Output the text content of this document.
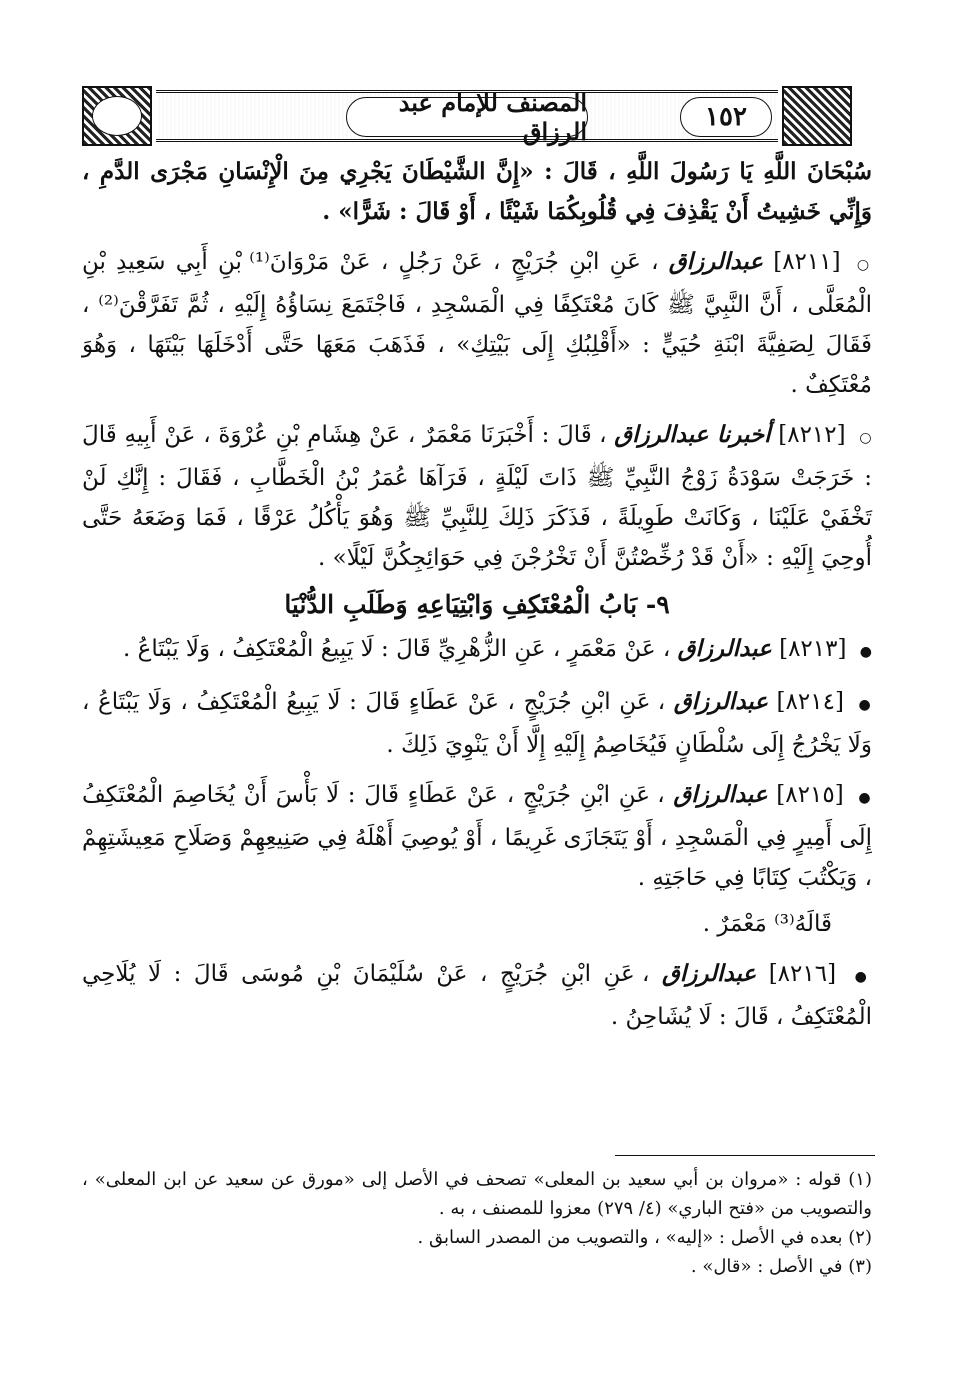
المصنف للإمام عبد الرزاق	١٥٢

سُبْحَانَ اللَّهِ يَا رَسُولَ اللَّهِ ، قَالَ : «إِنَّ الشَّيْطَانَ يَجْرِي مِنَ الْإِنْسَانِ مَجْرَى الدَّمِ ، وَإِنِّي خَشِيتُ أَنْ يَقْذِفَ فِي قُلُوبِكُمَا شَيْئًا ، أَوْ قَالَ : شَرًّا» .

○ [٨٢١١] عبدالرزاق ، عَنِ ابْنِ جُرَيْجٍ ، عَنْ رَجُلٍ ، عَنْ مَرْوَانَ⁽¹⁾ بْنِ أَبِي سَعِيدِ بْنِ الْمُعَلَّى ، أَنَّ النَّبِيَّ ﷺ كَانَ مُعْتَكِفًا فِي الْمَسْجِدِ ، فَاجْتَمَعَ نِسَاؤُهُ إِلَيْهِ ، ثُمَّ تَفَرَّقْنَ⁽²⁾ ، فَقَالَ لِصَفِيَّةَ ابْنَةِ حُيَيٍّ : «أَقْلِبُكِ إِلَى بَيْتِكِ» ، فَذَهَبَ مَعَهَا حَتَّى أَدْخَلَهَا بَيْتَهَا ، وَهُوَ مُعْتَكِفٌ .

○ [٨٢١٢] أخبرنا عبدالرزاق ، قَالَ : أَخْبَرَنَا مَعْمَرٌ ، عَنْ هِشَامِ بْنِ عُرْوَةَ ، عَنْ أَبِيهِ قَالَ : خَرَجَتْ سَوْدَةُ زَوْجُ النَّبِيِّ ﷺ ذَاتَ لَيْلَةٍ ، فَرَآهَا عُمَرُ بْنُ الْخَطَّابِ ، فَقَالَ : إِنَّكِ لَنْ تَخْفَيْ عَلَيْنَا ، وَكَانَتْ طَوِيلَةً ، فَذَكَرَ ذَلِكَ لِلنَّبِيِّ ﷺ وَهُوَ يَأْكُلُ عَرْقًا ، فَمَا وَضَعَهُ حَتَّى أُوحِيَ إِلَيْهِ : «أَنْ قَدْ رُخِّصْتُنَّ أَنْ تَخْرُجْنَ فِي حَوَائِجِكُنَّ لَيْلًا» .

٩- بَابُ الْمُعْتَكِفِ وَابْتِيَاعِهِ وَطَلَبِ الدُّنْيَا

● [٨٢١٣] عبدالرزاق ، عَنْ مَعْمَرٍ ، عَنِ الزُّهْرِيِّ قَالَ : لَا يَبِيعُ الْمُعْتَكِفُ ، وَلَا يَبْتَاعُ .

● [٨٢١٤] عبدالرزاق ، عَنِ ابْنِ جُرَيْجٍ ، عَنْ عَطَاءٍ قَالَ : لَا يَبِيعُ الْمُعْتَكِفُ ، وَلَا يَبْتَاعُ ، وَلَا يَخْرُجُ إِلَى سُلْطَانٍ فَيُخَاصِمُ إِلَيْهِ إِلَّا أَنْ يَنْوِيَ ذَلِكَ .

● [٨٢١٥] عبدالرزاق ، عَنِ ابْنِ جُرَيْجٍ ، عَنْ عَطَاءٍ قَالَ : لَا بَأْسَ أَنْ يُخَاصِمَ الْمُعْتَكِفُ إِلَى أَمِيرٍ فِي الْمَسْجِدِ ، أَوْ يَتَجَازَى غَرِيمًا ، أَوْ يُوصِيَ أَهْلَهُ فِي صَنِيعِهِمْ وَصَلَاحِ مَعِيشَتِهِمْ ، وَيَكْتُبَ كِتَابًا فِي حَاجَتِهِ .

قَالَهُ⁽³⁾ مَعْمَرٌ .

● [٨٢١٦] عبدالرزاق ، عَنِ ابْنِ جُرَيْجٍ ، عَنْ سُلَيْمَانَ بْنِ مُوسَى قَالَ : لَا يُلَاحِي الْمُعْتَكِفُ ، قَالَ : لَا يُشَاحِنُ .

(١) قوله : «مروان بن أبي سعيد بن المعلى» تصحف في الأصل إلى «مورق عن سعيد عن ابن المعلى» ، والتصويب من «فتح الباري» (٤/ ٢٧٩) معزوا للمصنف ، به .

(٢) بعده في الأصل : «إليه» ، والتصويب من المصدر السابق .

(٣) في الأصل : «قال» .
